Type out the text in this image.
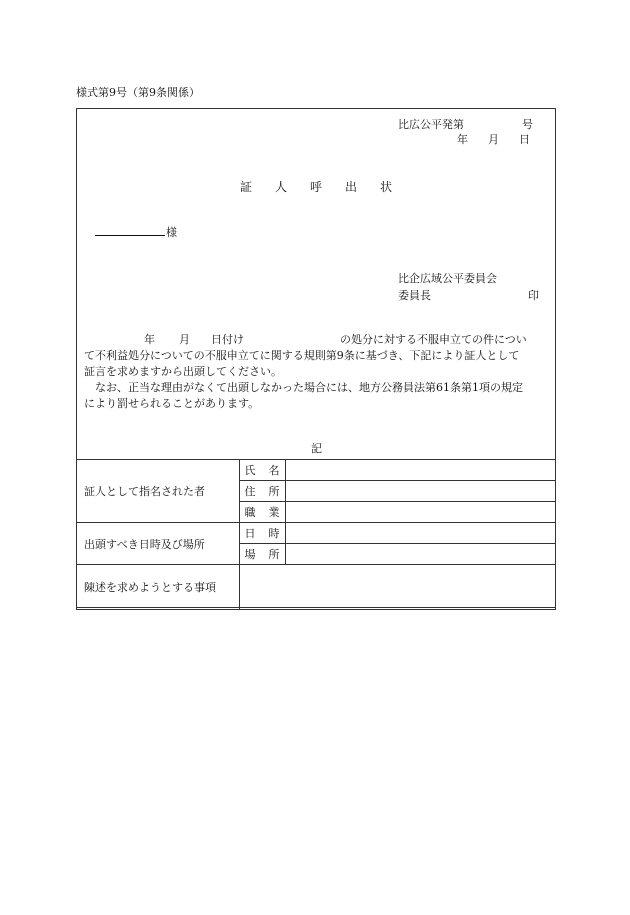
様式第9号（第9条関係）
比広公平発第	号
年 月 日
証 人 呼 出 状
様
比企広域公平委員会
委員長	印
年 月 日付け	の処分に対する不服申立ての件につい
て不利益処分についての不服申立てに関する規則第9条に基づき、下記により証人として
証言を求めますから出頭してください。
　なお、正当な理由がなくて出頭しなかった場合には、地方公務員法第61条第1項の規定
により罰せられることがあります。
記
証人として指名された者	氏　名	
	住　所	
	職　業	
出頭すべき日時及び場所	日　時	
	場　所	
陳述を求めようとする事項		
